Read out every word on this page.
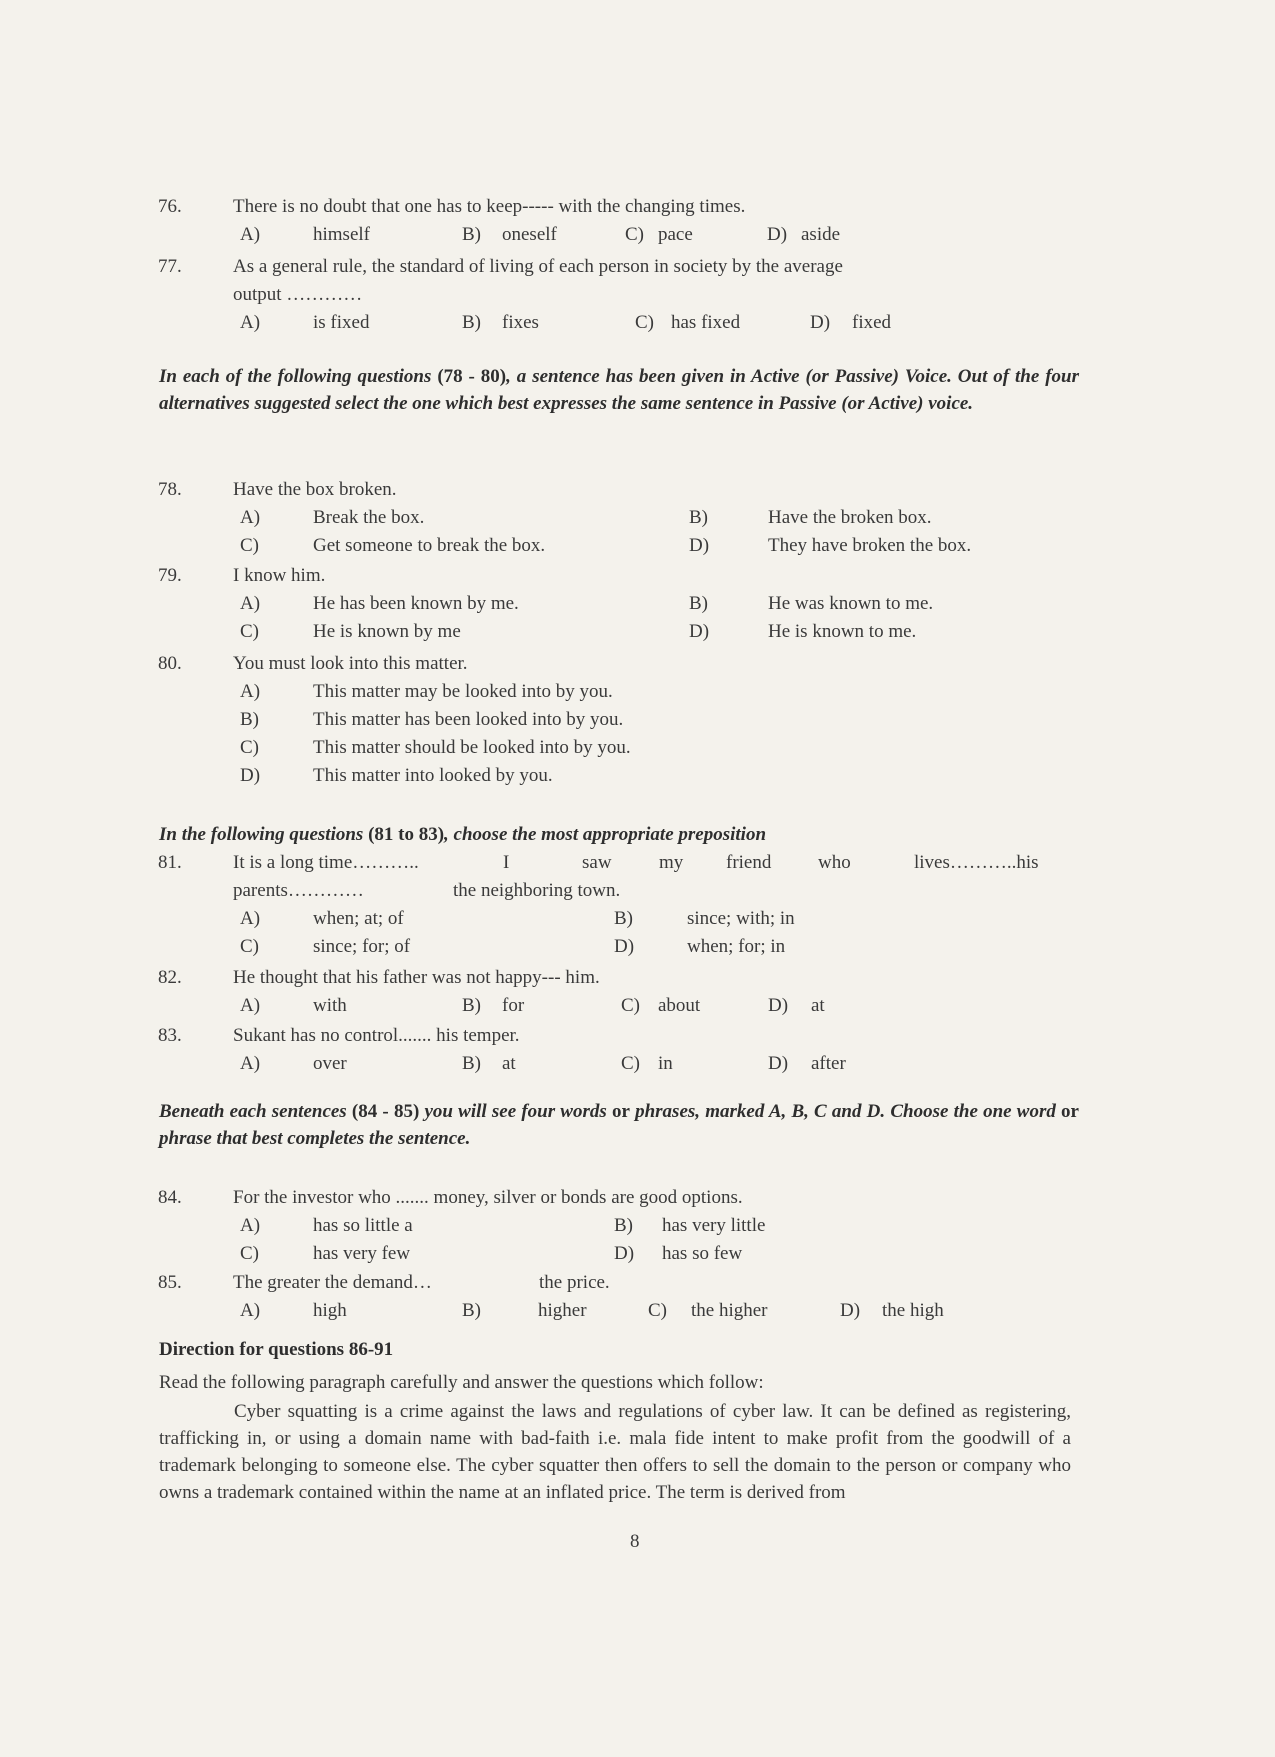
76.	There is no doubt that one has to keep----- with the changing times.
A)	himself	B) oneself	C) pace	D) aside
77.	As a general rule, the standard of living of each person in society by the average
output …………
A)	is fixed	B) fixes	C) has fixed	D) fixed
In each of the following questions (78 - 80), a sentence has been given in Active (or Passive) Voice. Out of the four alternatives suggested select the one which best expresses the same sentence in Passive (or Active) voice.
78.	Have the box broken.
A)	Break the box.	B)	Have the broken box.
C)	Get someone to break the box.	D)	They have broken the box.
79.	I know him.
A)	He has been known by me.	B)	He was known to me.
C)	He is known by me	D)	He is known to me.
80.	You must look into this matter.
A)	This matter may be looked into by you.
B)	This matter has been looked into by you.
C)	This matter should be looked into by you.
D)	This matter into looked by you.
In the following questions (81 to 83), choose the most appropriate preposition
81.	It is a long time………..	I	saw my friend who	lives………..his
parents…………	the neighboring town.
A)	when; at; of	B)	since; with; in
C)	since; for; of	D)	when; for; in
82.	He thought that his father was not happy--- him.
A)	with	B) for	C) about	D) at
83.	Sukant has no control....... his temper.
A)	over	B) at	C) in	D) after
Beneath each sentences (84 - 85) you will see four words or phrases, marked A, B, C and D. Choose the one word or phrase that best completes the sentence.
84.	For the investor who ....... money, silver or bonds are good options.
A)	has so little a	B) has very little
C)	has very few	D) has so few
85.	The greater the demand…	the price.
A)	high	B)	higher	C) the higher	D) the high
Direction for questions 86-91
Read the following paragraph carefully and answer the questions which follow:
Cyber squatting is a crime against the laws and regulations of cyber law. It can be defined as registering, trafficking in, or using a domain name with bad-faith i.e. mala fide intent to make profit from the goodwill of a trademark belonging to someone else. The cyber squatter then offers to sell the domain to the person or company who owns a trademark contained within the name at an inflated price. The term is derived from
8
